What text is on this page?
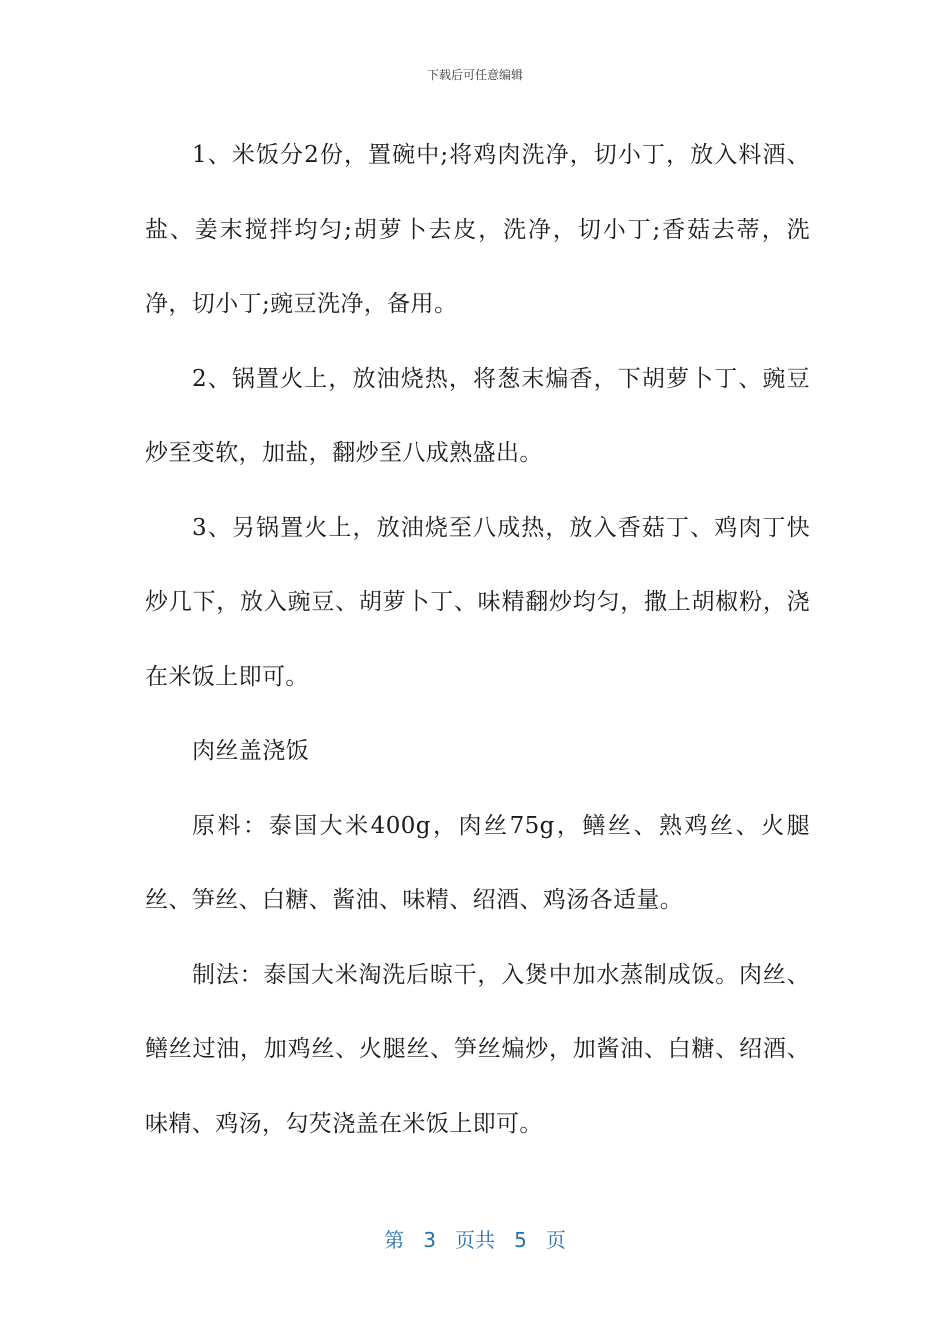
下载后可任意编辑

1、米饭分2份，置碗中;将鸡肉洗净，切小丁，放入料酒、盐、姜末搅拌均匀;胡萝卜去皮，洗净，切小丁;香菇去蒂，洗净，切小丁;豌豆洗净，备用。

2、锅置火上，放油烧热，将葱末煸香，下胡萝卜丁、豌豆炒至变软，加盐，翻炒至八成熟盛出。

3、另锅置火上，放油烧至八成热，放入香菇丁、鸡肉丁快炒几下，放入豌豆、胡萝卜丁、味精翻炒均匀，撒上胡椒粉，浇在米饭上即可。

肉丝盖浇饭

原料：泰国大米400g，肉丝75g，鳝丝、熟鸡丝、火腿丝、笋丝、白糖、酱油、味精、绍酒、鸡汤各适量。

制法：泰国大米淘洗后晾干，入煲中加水蒸制成饭。肉丝、鳝丝过油，加鸡丝、火腿丝、笋丝煸炒，加酱油、白糖、绍酒、味精、鸡汤，勾芡浇盖在米饭上即可。

第 3 页共 5 页
